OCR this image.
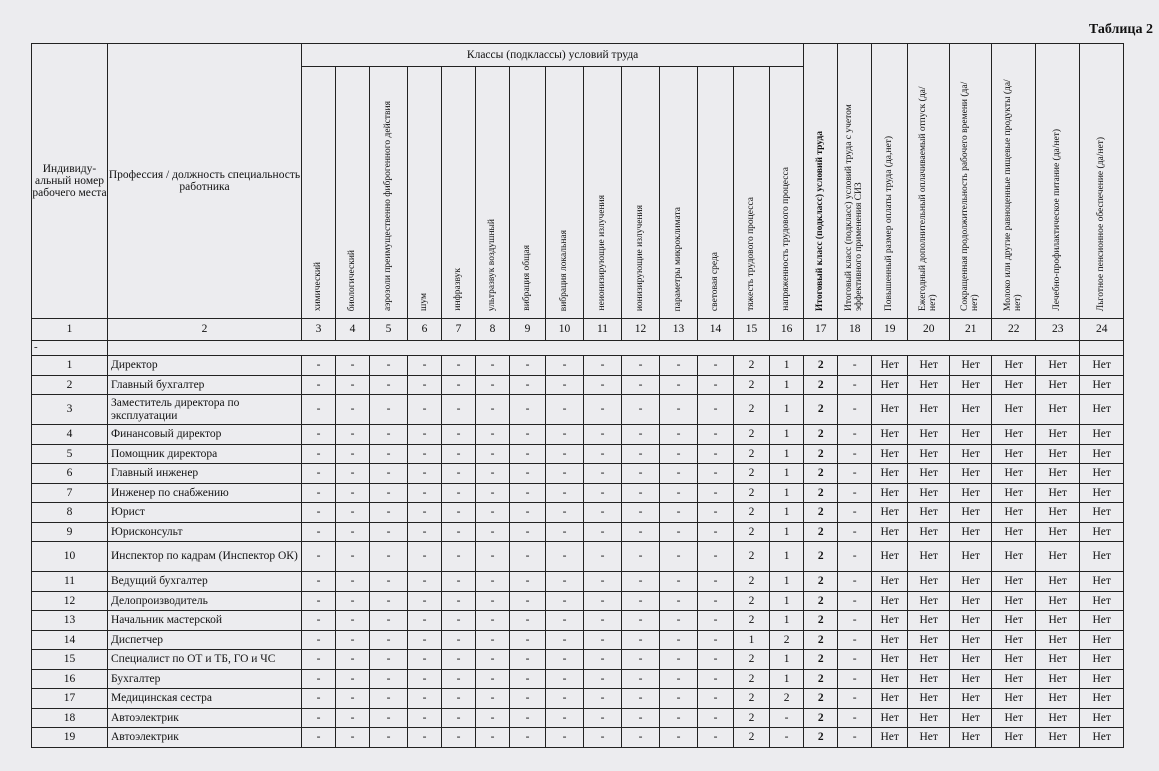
Таблица 2
Индивиду-альный номер рабочего места	Профессия / должность специальность работника	Классы (подклассы) условий труда														Итоговый класс (подкласс) условий труда	Итоговый класс (подкласс) условий труда с учетом эффективного применения СИЗ	Повышенный размер оплаты труда (да,нет)	Ежегодный дополнительный оплачиваемый отпуск (да/нет)	Сокращенная продолжительность рабочего времени (да/нет)	Молоко или другие равноценные пищевые продукты (да/нет)	Лечебно-профилактическое питание (да/нет)	Льготное пенсионное обеспечение (да/нет)
		химический	биологический	аэрозоли преимущественно фиброгенного действия	шум	инфразвук	ультразвук воздушный	вибрация общая	вибрация локальная	неионизирующие излучения	ионизирующие излучения	параметры микроклимата	световая среда	тяжесть трудового процесса	напряженность трудового процесса								
1	2	3	4	5	6	7	8	9	10	11	12	13	14	15	16	17	18	19	20	21	22	23	24
-																							
1	Директор	-	-	-	-	-	-	-	-	-	-	-	-	2	1	2	-	Нет	Нет	Нет	Нет	Нет	Нет
2	Главный бухгалтер	-	-	-	-	-	-	-	-	-	-	-	-	2	1	2	-	Нет	Нет	Нет	Нет	Нет	Нет
3	Заместитель директора по эксплуатации	-	-	-	-	-	-	-	-	-	-	-	-	2	1	2	-	Нет	Нет	Нет	Нет	Нет	Нет
4	Финансовый директор	-	-	-	-	-	-	-	-	-	-	-	-	2	1	2	-	Нет	Нет	Нет	Нет	Нет	Нет
5	Помощник директора	-	-	-	-	-	-	-	-	-	-	-	-	2	1	2	-	Нет	Нет	Нет	Нет	Нет	Нет
6	Главный инженер	-	-	-	-	-	-	-	-	-	-	-	-	2	1	2	-	Нет	Нет	Нет	Нет	Нет	Нет
7	Инженер по снабжению	-	-	-	-	-	-	-	-	-	-	-	-	2	1	2	-	Нет	Нет	Нет	Нет	Нет	Нет
8	Юрист	-	-	-	-	-	-	-	-	-	-	-	-	2	1	2	-	Нет	Нет	Нет	Нет	Нет	Нет
9	Юрисконсульт	-	-	-	-	-	-	-	-	-	-	-	-	2	1	2	-	Нет	Нет	Нет	Нет	Нет	Нет
10	Инспектор по кадрам (Инспектор ОК)	-	-	-	-	-	-	-	-	-	-	-	-	2	1	2	-	Нет	Нет	Нет	Нет	Нет	Нет
11	Ведущий бухгалтер	-	-	-	-	-	-	-	-	-	-	-	-	2	1	2	-	Нет	Нет	Нет	Нет	Нет	Нет
12	Делопроизводитель	-	-	-	-	-	-	-	-	-	-	-	-	2	1	2	-	Нет	Нет	Нет	Нет	Нет	Нет
13	Начальник мастерской	-	-	-	-	-	-	-	-	-	-	-	-	2	1	2	-	Нет	Нет	Нет	Нет	Нет	Нет
14	Диспетчер	-	-	-	-	-	-	-	-	-	-	-	-	1	2	2	-	Нет	Нет	Нет	Нет	Нет	Нет
15	Специалист по ОТ и ТБ, ГО и ЧС	-	-	-	-	-	-	-	-	-	-	-	-	2	1	2	-	Нет	Нет	Нет	Нет	Нет	Нет
16	Бухгалтер	-	-	-	-	-	-	-	-	-	-	-	-	2	1	2	-	Нет	Нет	Нет	Нет	Нет	Нет
17	Медицинская сестра	-	-	-	-	-	-	-	-	-	-	-	-	2	2	2	-	Нет	Нет	Нет	Нет	Нет	Нет
18	Автоэлектрик	-	-	-	-	-	-	-	-	-	-	-	-	2	-	2	-	Нет	Нет	Нет	Нет	Нет	Нет
19	Автоэлектрик	-	-	-	-	-	-	-	-	-	-	-	-	2	-	2	-	Нет	Нет	Нет	Нет	Нет	Нет
